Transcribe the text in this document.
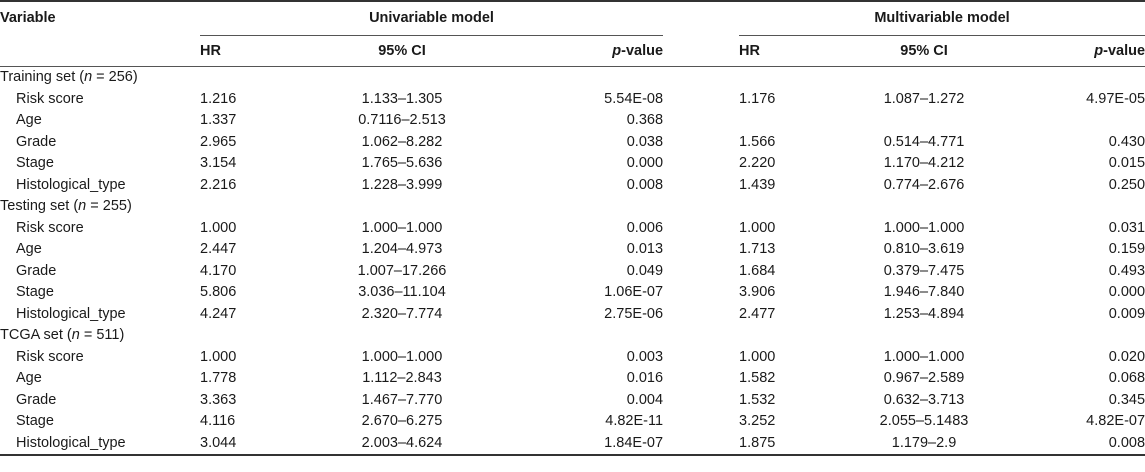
Variable	Univariable model				Multivariable model		
	HR	95% CI	p-value		HR	95% CI	p-value
Training set (n = 256)							
Risk score	1.216	1.133–1.305	5.54E-08		1.176	1.087–1.272	4.97E-05
Age	1.337	0.7116–2.513	0.368				
Grade	2.965	1.062–8.282	0.038		1.566	0.514–4.771	0.430
Stage	3.154	1.765–5.636	0.000		2.220	1.170–4.212	0.015
Histological_type	2.216	1.228–3.999	0.008		1.439	0.774–2.676	0.250
Testing set (n = 255)							
Risk score	1.000	1.000–1.000	0.006		1.000	1.000–1.000	0.031
Age	2.447	1.204–4.973	0.013		1.713	0.810–3.619	0.159
Grade	4.170	1.007–17.266	0.049		1.684	0.379–7.475	0.493
Stage	5.806	3.036–11.104	1.06E-07		3.906	1.946–7.840	0.000
Histological_type	4.247	2.320–7.774	2.75E-06		2.477	1.253–4.894	0.009
TCGA set (n = 511)							
Risk score	1.000	1.000–1.000	0.003		1.000	1.000–1.000	0.020
Age	1.778	1.112–2.843	0.016		1.582	0.967–2.589	0.068
Grade	3.363	1.467–7.770	0.004		1.532	0.632–3.713	0.345
Stage	4.116	2.670–6.275	4.82E-11		3.252	2.055–5.1483	4.82E-07
Histological_type	3.044	2.003–4.624	1.84E-07		1.875	1.179–2.9	0.008
